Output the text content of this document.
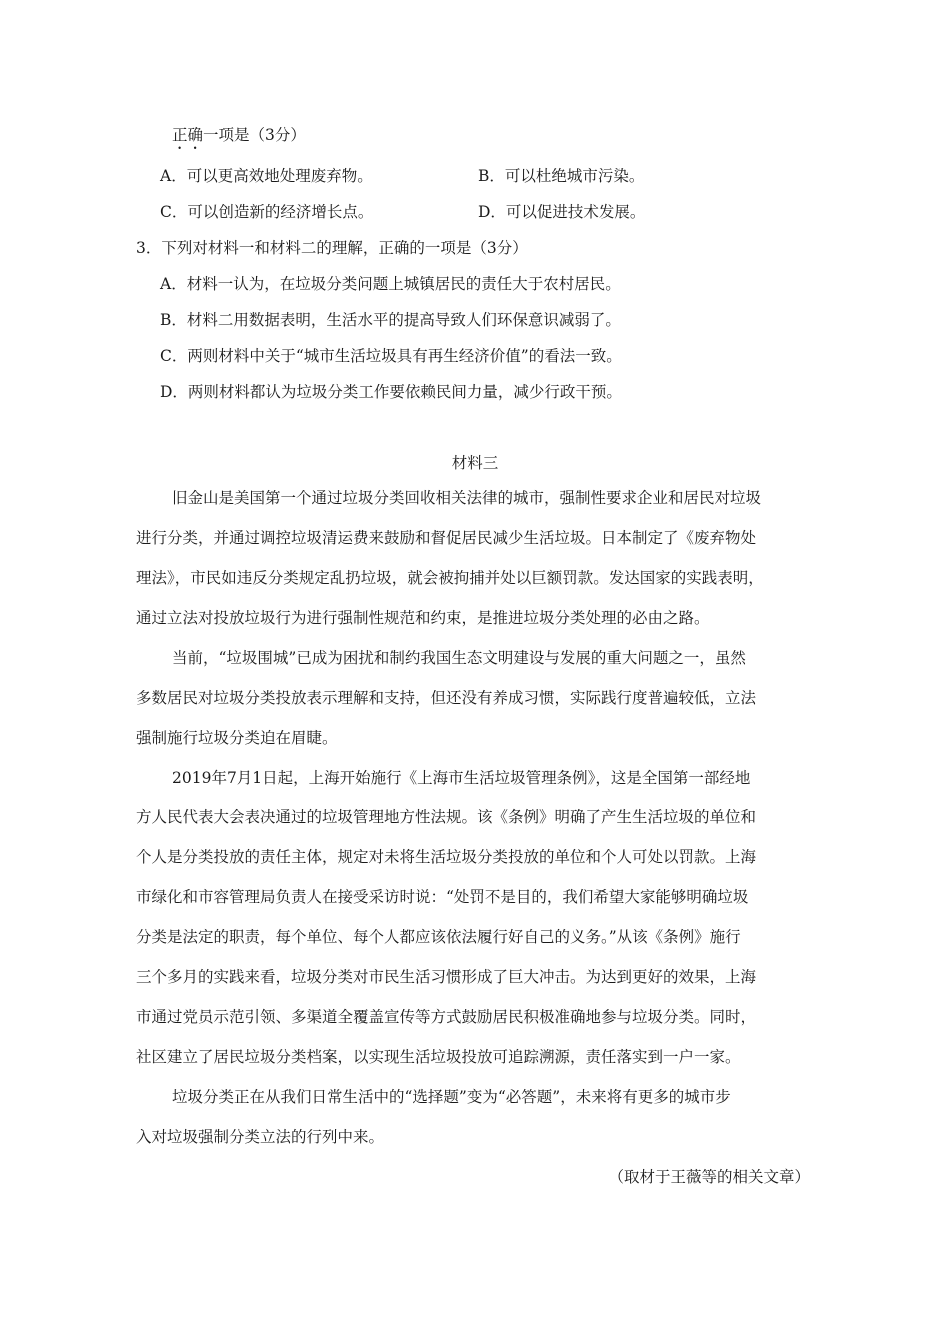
正确一项是（3分）
A．可以更高效地处理废弃物。	B．可以杜绝城市污染。
C．可以创造新的经济增长点。	D．可以促进技术发展。
3．下列对材料一和材料二的理解，正确的一项是（3分）
A．材料一认为，在垃圾分类问题上城镇居民的责任大于农村居民。
B．材料二用数据表明，生活水平的提高导致人们环保意识减弱了。
C．两则材料中关于“城市生活垃圾具有再生经济价值”的看法一致。
D．两则材料都认为垃圾分类工作要依赖民间力量，减少行政干预。
材料三
旧金山是美国第一个通过垃圾分类回收相关法律的城市，强制性要求企业和居民对垃圾
进行分类，并通过调控垃圾清运费来鼓励和督促居民减少生活垃圾。日本制定了《废弃物处
理法》，市民如违反分类规定乱扔垃圾，就会被拘捕并处以巨额罚款。发达国家的实践表明，
通过立法对投放垃圾行为进行强制性规范和约束，是推进垃圾分类处理的必由之路。
当前，“垃圾围城”已成为困扰和制约我国生态文明建设与发展的重大问题之一，虽然
多数居民对垃圾分类投放表示理解和支持，但还没有养成习惯，实际践行度普遍较低，立法
强制施行垃圾分类迫在眉睫。
2019年7月1日起，上海开始施行《上海市生活垃圾管理条例》，这是全国第一部经地
方人民代表大会表决通过的垃圾管理地方性法规。该《条例》明确了产生生活垃圾的单位和
个人是分类投放的责任主体，规定对未将生活垃圾分类投放的单位和个人可处以罚款。上海
市绿化和市容管理局负责人在接受采访时说：“处罚不是目的，我们希望大家能够明确垃圾
分类是法定的职责，每个单位、每个人都应该依法履行好自己的义务。”从该《条例》施行
三个多月的实践来看，垃圾分类对市民生活习惯形成了巨大冲击。为达到更好的效果，上海
市通过党员示范引领、多渠道全覆盖宣传等方式鼓励居民积极准确地参与垃圾分类。同时，
社区建立了居民垃圾分类档案，以实现生活垃圾投放可追踪溯源，责任落实到一户一家。
垃圾分类正在从我们日常生活中的“选择题”变为“必答题”，未来将有更多的城市步
入对垃圾强制分类立法的行列中来。
（取材于王薇等的相关文章）
